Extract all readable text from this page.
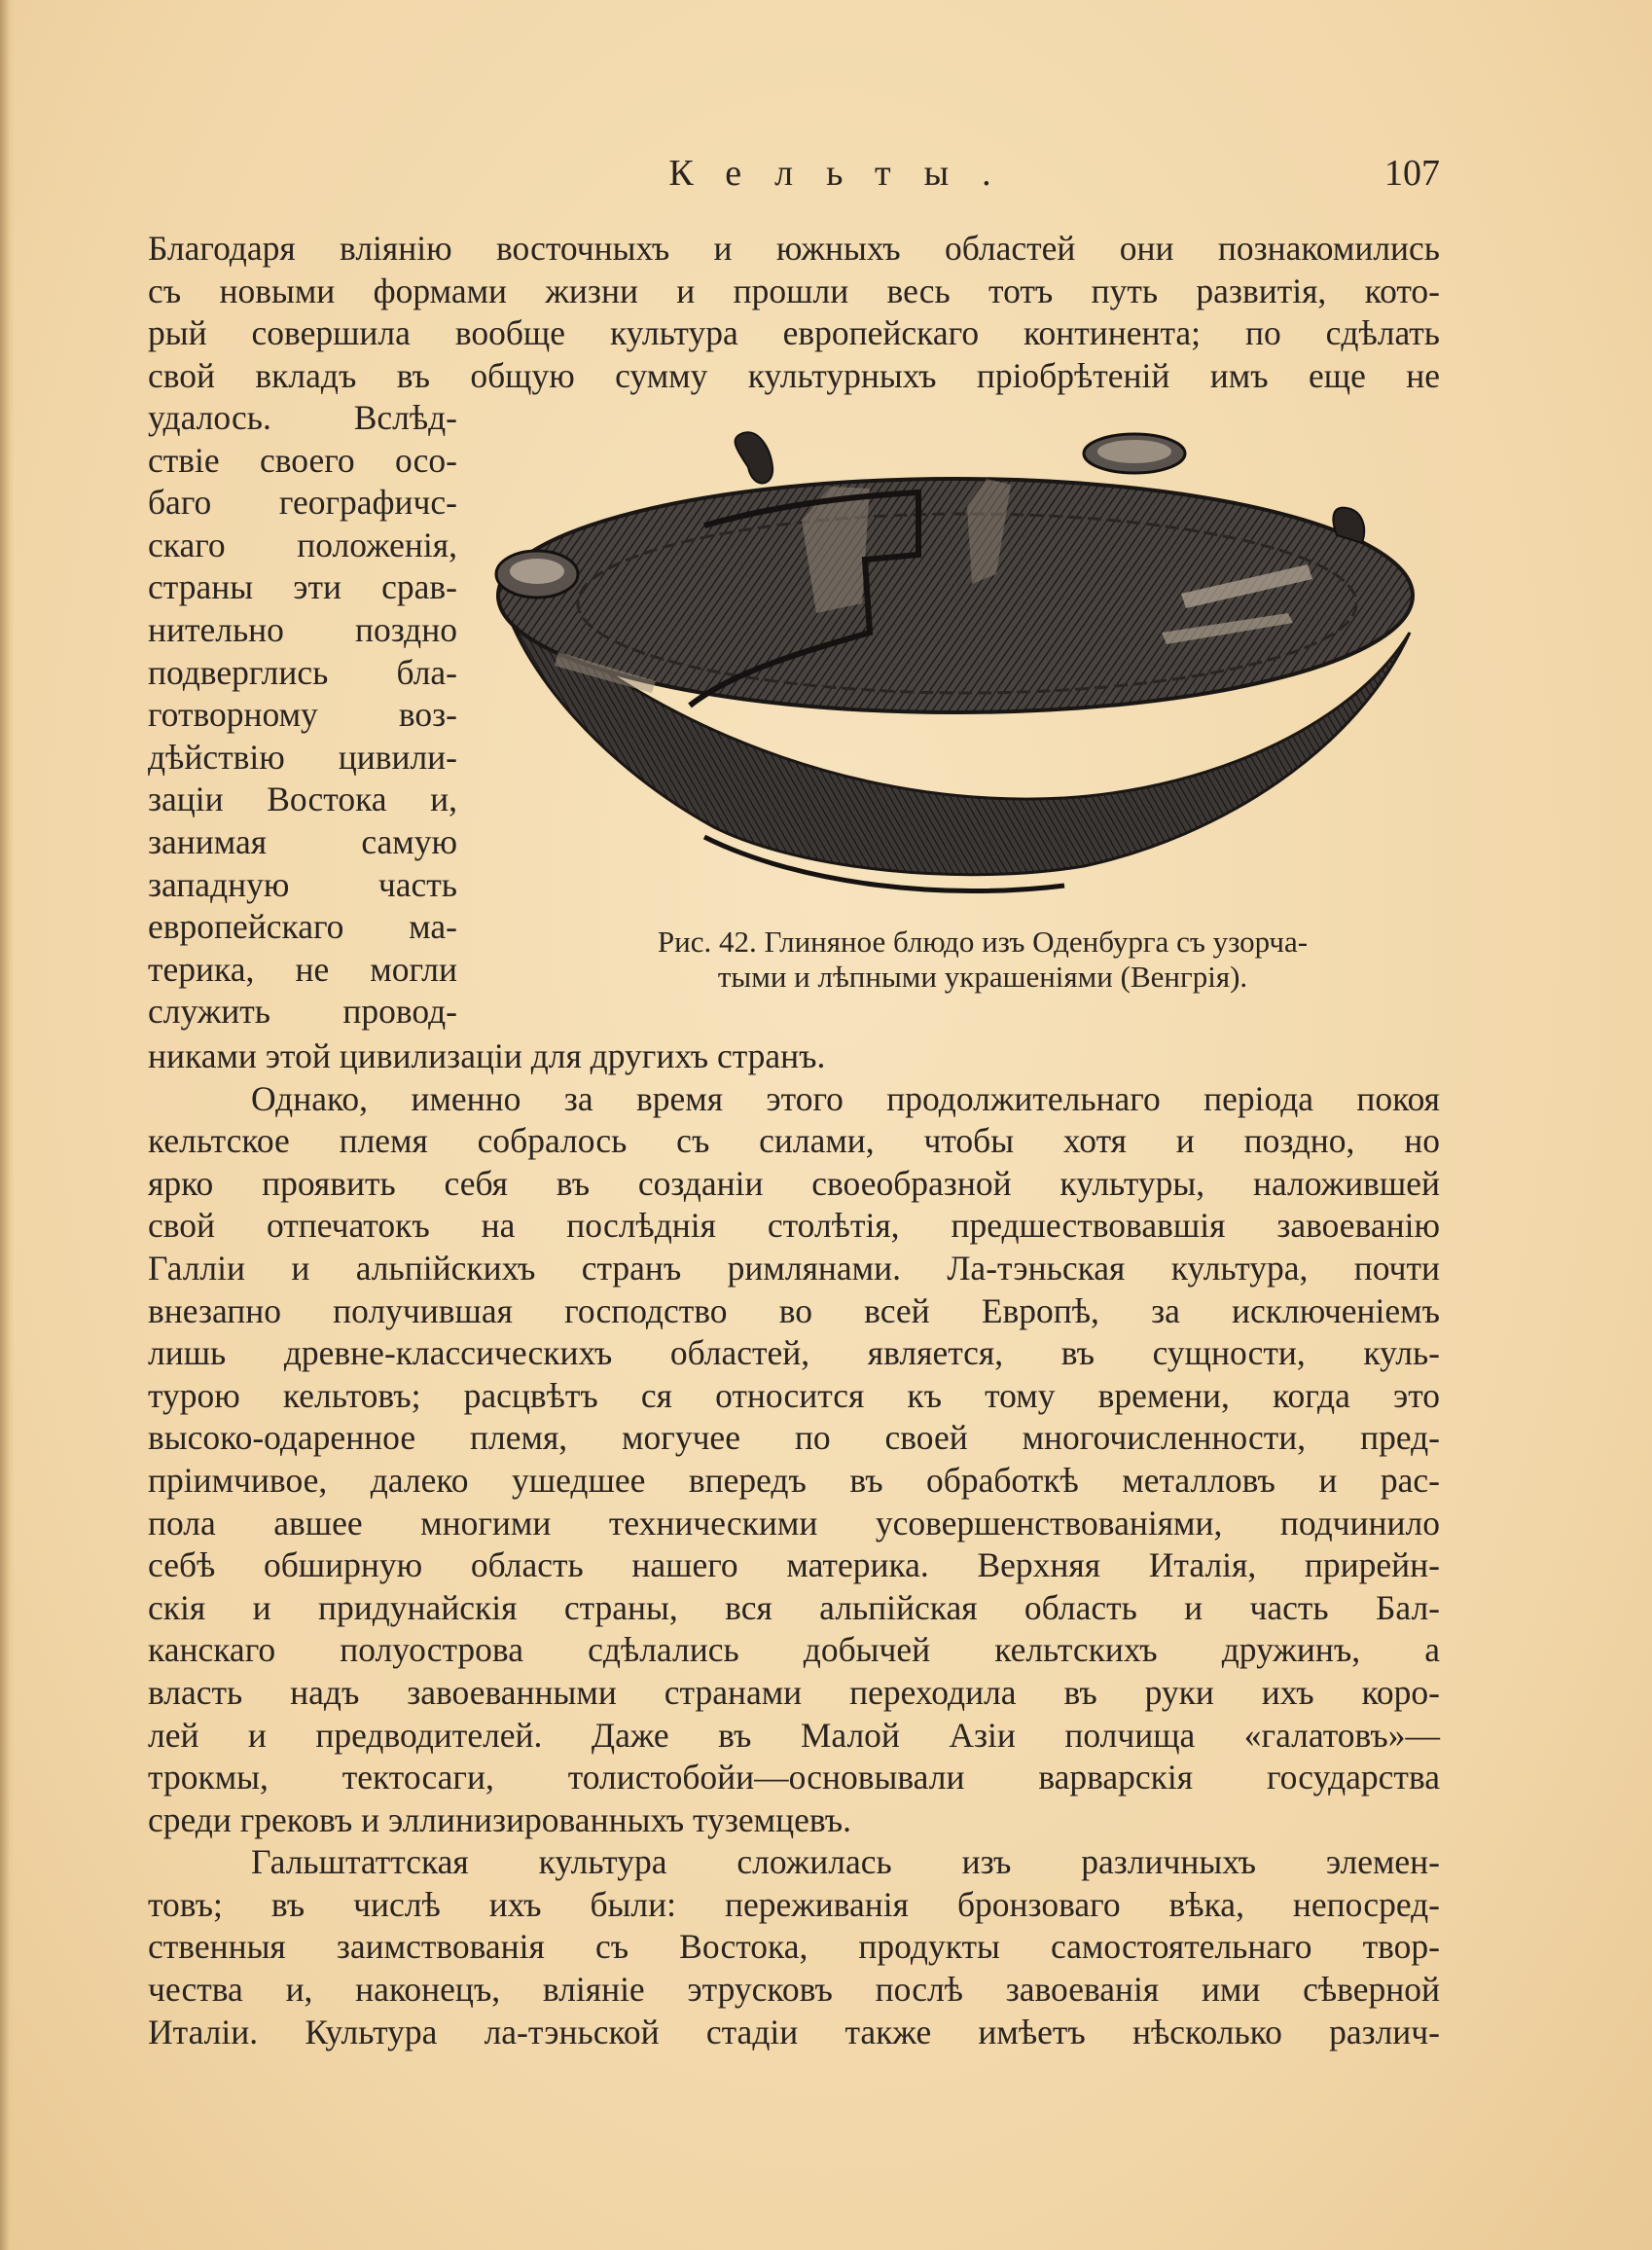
Кельты.	107
Благодаря вліянію восточныхъ и южныхъ областей они познакомились
съ новыми формами жизни и прошли весь тотъ путь развитія, кото-
рый совершила вообще культура европейскаго континента; по сдѣлать
свой вкладъ въ общую сумму культурныхъ пріобрѣтеній имъ еще не
удалось. Вслѣд-
ствіе своего осо-
баго географичс-
скаго положенія,
страны эти срав-
нительно поздно
подверглись бла-
готворному воз-
дѣйствію цивили-
заціи Востока и,
занимая самую
западную часть
европейскаго ма-
терика, не могли
служить провод-
Рис. 42. Глиняное блюдо изъ Оденбурга съ узорча-
тыми и лѣпными украшеніями (Венгрія).
никами этой цивилизаціи для другихъ странъ.
Однако, именно за время этого продолжительнаго періода покоя
кельтское племя собралось съ силами, чтобы хотя и поздно, но
ярко проявить себя въ созданіи своеобразной культуры, наложившей
свой отпечатокъ на послѣднія столѣтія, предшествовавшія завоеванію
Галліи и альпійскихъ странъ римлянами. Ла-тэньская культура, почти
внезапно получившая господство во всей Европѣ, за исключеніемъ
лишь древне-классическихъ областей, является, въ сущности, куль-
турою кельтовъ; расцвѣтъ ся относится къ тому времени, когда это
высоко-одаренное племя, могучее по своей многочисленности, пред-
пріимчивое, далеко ушедшее впередъ въ обработкѣ металловъ и рас-
пола авшее многими техническими усовершенствованіями, подчинило
себѣ обширную область нашего материка. Верхняя Италія, прирейн-
скія и придунайскія страны, вся альпійская область и часть Бал-
канскаго полуострова сдѣлались добычей кельтскихъ дружинъ, а
власть надъ завоеванными странами переходила въ руки ихъ коро-
лей и предводителей. Даже въ Малой Азіи полчища «галатовъ»—
трокмы, тектосаги, толистобойи—основывали варварскія государства
среди грековъ и эллинизированныхъ туземцевъ.
Гальштаттская культура сложилась изъ различныхъ элемен-
товъ; въ числѣ ихъ были: переживанія бронзоваго вѣка, непосред-
ственныя заимствованія съ Востока, продукты самостоятельнаго твор-
чества и, наконецъ, вліяніе этрусковъ послѣ завоеванія ими сѣверной
Италіи. Культура ла-тэньской стадіи также имѣетъ нѣсколько различ-
